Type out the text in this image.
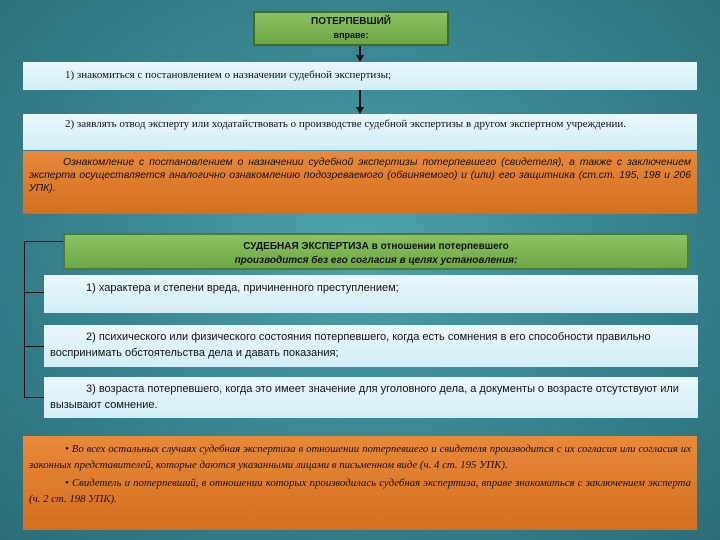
ПОТЕРПЕВШИЙ
вправе:
1) знакомиться с постановлением о назначении судебной экспертизы;
2) заявлять отвод эксперту или ходатайствовать о производстве судебной экспертизы в другом экспертном учреждении.
Ознакомление с постановлением о назначении судебной экспертизы потерпевшего (свидетеля), а также с заключением эксперта осуществляется аналогично ознакомлению подозреваемого (обвиняемого) и (или) его защитника (ст.ст. 195, 198 и 206 УПК).
СУДЕБНАЯ ЭКСПЕРТИЗА в отношении потерпевшего
производится без его согласия в целях установления:
1) характера и степени вреда, причиненного преступлением;
2) психического или физического состояния потерпевшего, когда есть сомнения в его способности правильно воспринимать обстоятельства дела и давать показания;
3) возраста потерпевшего, когда это имеет значение для уголовного дела, а документы о возрасте отсутствуют или вызывают сомнение.
• Во всех остальных случаях судебная экспертиза в отношении потерпевшего и свидетеля производится с их согласия или согласия их законных представителей, которые даются указанными лицами в письменном виде (ч. 4 ст. 195 УПК).
• Свидетель и потерпевший, в отношении которых производилась судебная экспертиза, вправе знакомиться с заключением эксперта (ч. 2 ст. 198 УПК).
